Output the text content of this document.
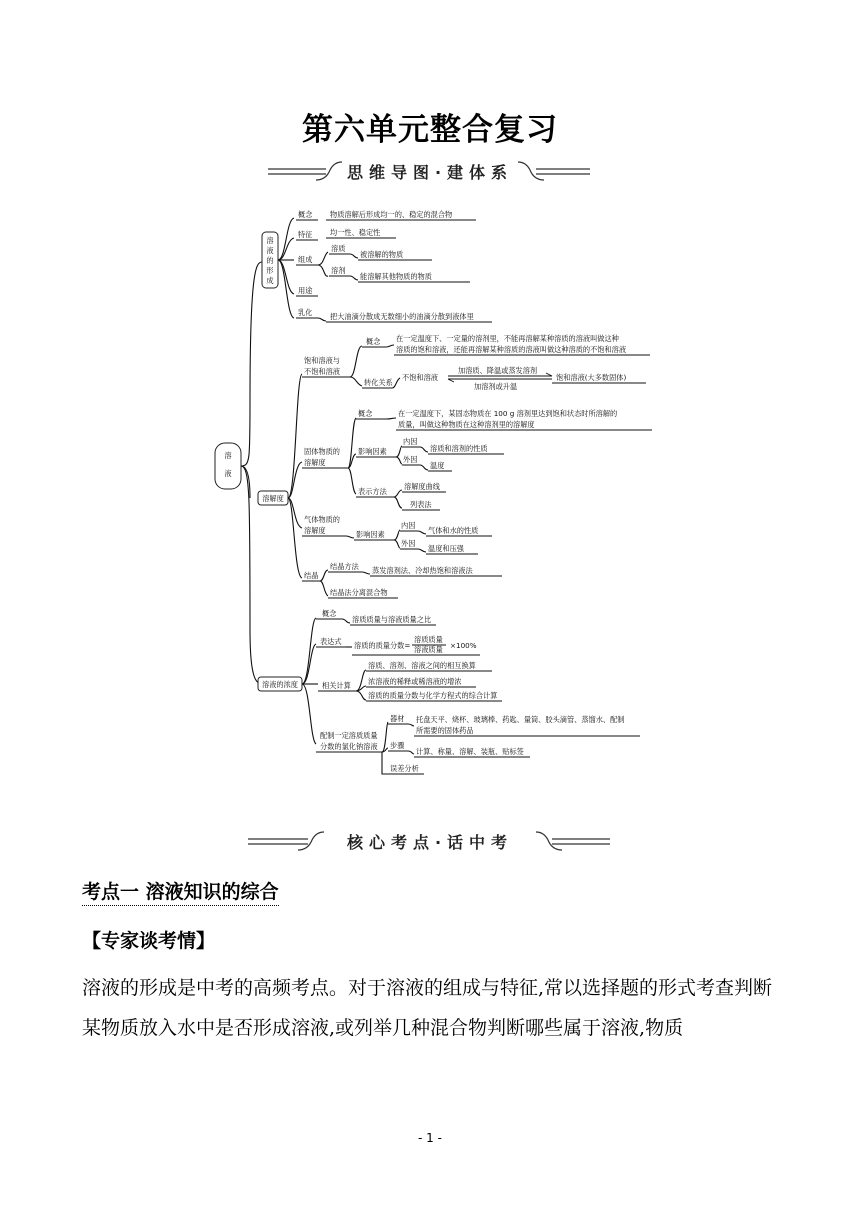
第六单元整合复习
思维导图·建体系
溶
液
溶
液
的
形
成
概念 物质溶解后形成均一的、稳定的混合物
特征 均一性、稳定性
组成
溶质
被溶解的物质
溶剂
能溶解其他物质的物质
用途
乳化 把大油滴分散成无数细小的油滴分散到液体里
溶解度
饱和溶液与
不饱和溶液
概念 在一定温度下、一定量的溶剂里，不能再溶解某种溶质的溶液叫做这种
溶质的饱和溶液，还能再溶解某种溶质的溶液叫做这种溶质的不饱和溶液
转化关系
不饱和溶液
加溶质、降温或蒸发溶剂
加溶剂或升温
饱和溶液(大多数固体)
固体物质的
溶解度
概念	在一定温度下，某固态物质在 100 g 溶剂里达到饱和状态时所溶解的
质量，叫做这种物质在这种溶剂里的溶解度
影响因素
内因
溶质和溶剂的性质
外因
温度
表示方法
溶解度曲线
列表法
气体物质的
溶解度	影响因素
内因
气体和水的性质
外因
温度和压强
结晶
结晶方法 蒸发溶剂法、冷却热饱和溶液法
结晶法分离混合物
溶液的浓度
概念
溶质质量与溶液质量之比
表达式 溶质的质量分数=
溶质质量
溶液质量 ×100%
相关计算
溶质、溶剂、溶液之间的相互换算
浓溶液的稀释或稀溶液的增浓
溶质的质量分数与化学方程式的综合计算
配制一定溶质质量
分数的氯化钠溶液
器材 托盘天平、烧杯、玻璃棒、药匙、量筒、胶头滴管、蒸馏水、配制
所需要的固体药品
步骤
计算、称量、溶解、装瓶、贴标签
误差分析
核心考点·话中考
考点一 溶液知识的综合
【专家谈考情】

溶液的形成是中考的高频考点。对于溶液的组成与特征,常以选择题的形式考查判断某物质放入水中是否形成溶液,或列举几种混合物判断哪些属于溶液,物质

- 1 -
